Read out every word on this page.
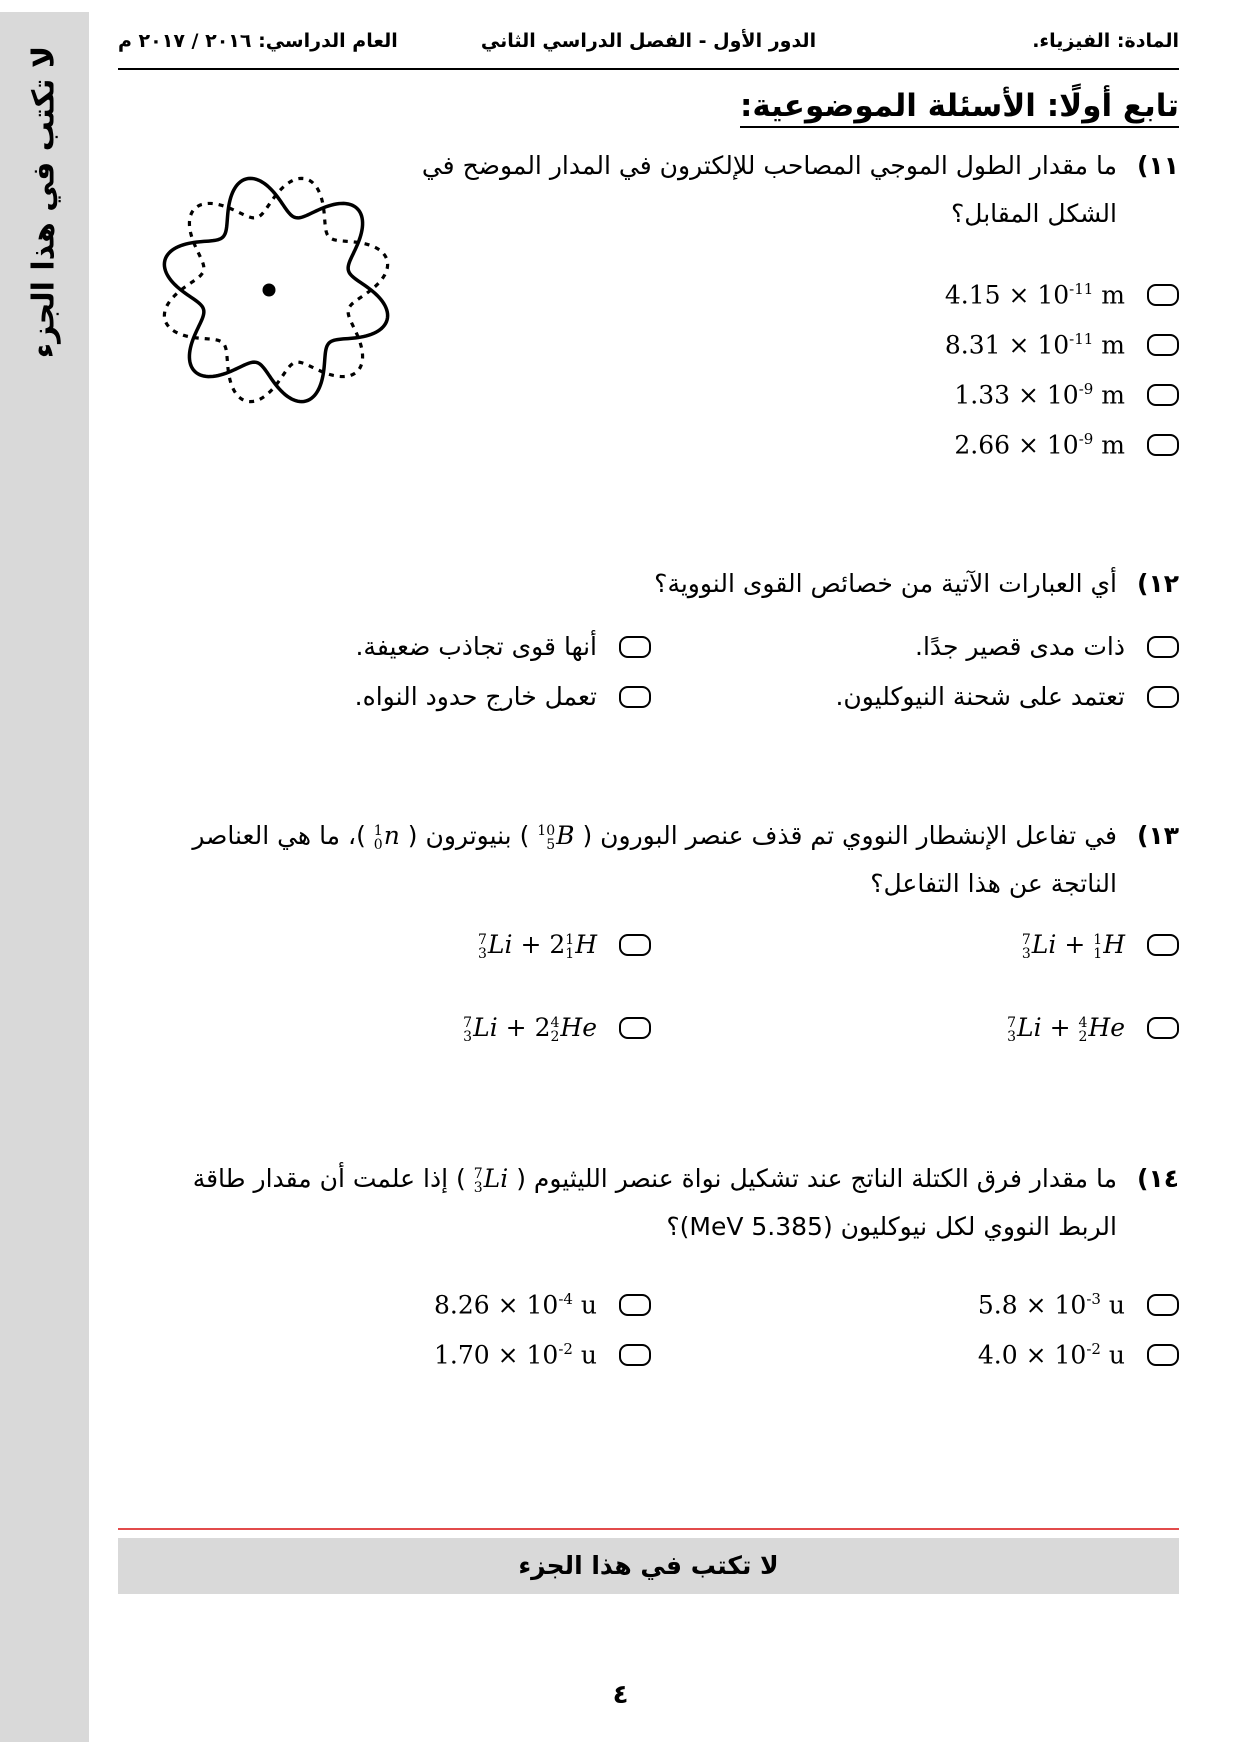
لا تكتب في هذا الجزء
المادة: الفيزياء.
الدور الأول - الفصل الدراسي الثاني
العام الدراسي: ٢٠١٦ / ٢٠١٧ م
تابع أولًا: الأسئلة الموضوعية:
١١)
ما مقدار الطول الموجي المصاحب للإلكترون في المدار الموضح في
الشكل المقابل؟
$4.15 \times 10^{-11}$ m
$8.31 \times 10^{-11}$ m
$1.33 \times 10^{-9}$ m
$2.66 \times 10^{-9}$ m
١٢)
أي العبارات الآتية من خصائص القوى النووية؟
ذات مدى قصير جدًا.
أنها قوى تجاذب ضعيفة.
تعتمد على شحنة النيوكليون.
تعمل خارج حدود النواه.
١٣)
في تفاعل الإنشطار النووي تم قذف عنصر البورون (
10
5 B ) بنيوترون (
1
0 n )، ما هي العناصر
الناتجة عن هذا التفاعل؟
7
3 Li + 1
1 H
7
3 Li + 2 1
1 H
7
3 Li + 4
2 He
7
3 Li + 2 4
2 He
١٤)
ما مقدار فرق الكتلة الناتج عند تشكيل نواة عنصر الليثيوم (
7
3 Li ) إذا علمت أن مقدار طاقة
الربط النووي لكل نيوكليون (5.385 MeV)؟
$5.8 \times 10^{-3}$ u
$8.26 \times 10^{-4}$ u
$4.0 \times 10^{-2}$ u
$1.70 \times 10^{-2}$ u
لا تكتب في هذا الجزء
٤
